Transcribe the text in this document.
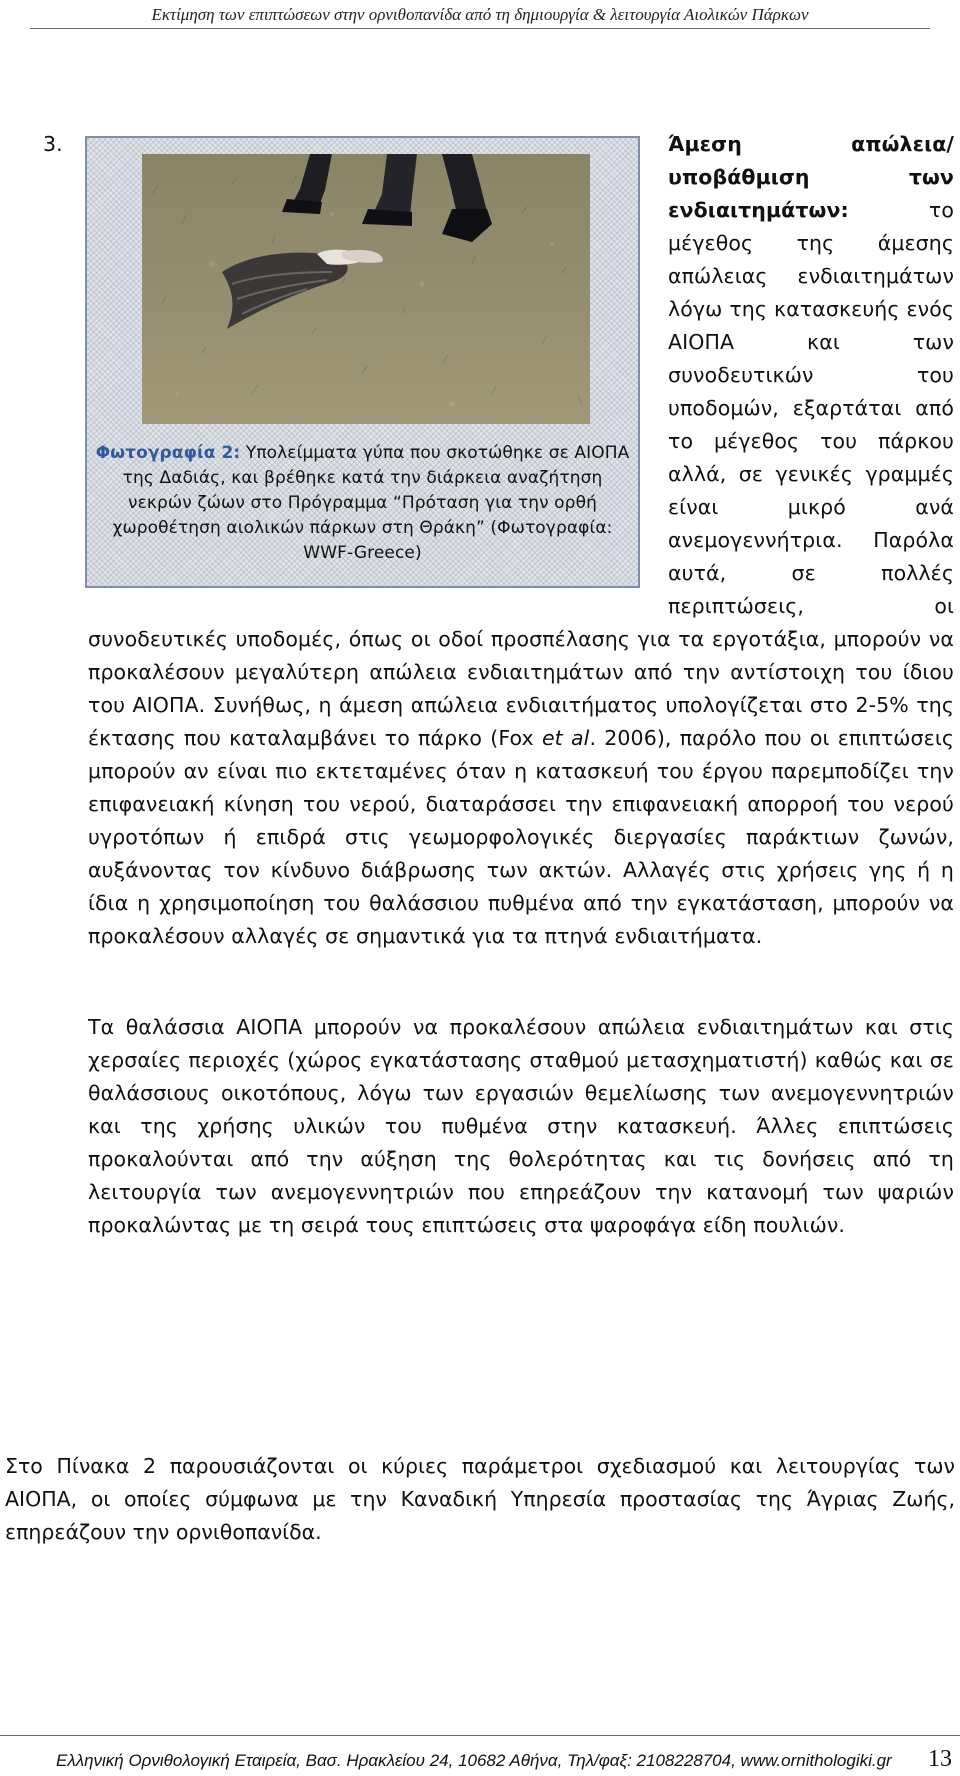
Εκτίμηση των επιπτώσεων στην ορνιθοπανίδα από τη δημιουργία & λειτουργία Αιολικών Πάρκων
3.
Φωτογραφία 2: Υπολείμματα γύπα που σκοτώθηκε σε ΑΙΟΠΑ της Δαδιάς, και βρέθηκε κατά την διάρκεια αναζήτηση νεκρών ζώων στο Πρόγραμμα “Πρόταση για την ορθή χωροθέτηση αιολικών πάρκων στη Θράκη” (Φωτογραφία: WWF-Greece)

Άμεση απώλεια/υποβάθμιση των ενδιαιτημάτων:	το μέγεθος της άμεσης απώλειας ενδιαιτημάτων λόγω της κατασκευής ενός ΑΙΟΠΑ και των συνοδευτικών του υποδομών, εξαρτάται από το μέγεθος του πάρκου αλλά, σε γενικές γραμμές είναι μικρό ανά ανεμογεννήτρια. Παρόλα αυτά, σε πολλές περιπτώσεις, οι συνοδευτικές υποδομές, όπως οι οδοί προσπέλασης για τα εργοτάξια, μπορούν να προκαλέσουν μεγαλύτερη απώλεια ενδιαιτημάτων από την αντίστοιχη του ίδιου του ΑΙΟΠΑ. Συνήθως, η άμεση απώλεια ενδιαιτήματος υπολογίζεται στο 2-5% της έκτασης που καταλαμβάνει το πάρκο (Fox et al. 2006), παρόλο που οι επιπτώσεις μπορούν αν είναι πιο εκτεταμένες όταν η κατασκευή του έργου παρεμποδίζει την επιφανειακή κίνηση του νερού, διαταράσσει την επιφανειακή απορροή του νερού υγροτόπων ή επιδρά στις γεωμορφολογικές διεργασίες παράκτιων ζωνών, αυξάνοντας τον κίνδυνο διάβρωσης των ακτών. Αλλαγές στις χρήσεις γης ή η ίδια η χρησιμοποίηση του θαλάσσιου πυθμένα από την εγκατάσταση, μπορούν να προκαλέσουν αλλαγές σε σημαντικά για τα πτηνά ενδιαιτήματα.

Τα θαλάσσια ΑΙΟΠΑ μπορούν να προκαλέσουν απώλεια ενδιαιτημάτων και στις χερσαίες περιοχές (χώρος εγκατάστασης σταθμού μετασχηματιστή) καθώς και σε θαλάσσιους οικοτόπους, λόγω των εργασιών θεμελίωσης των ανεμογεννητριών και της χρήσης υλικών του πυθμένα στην κατασκευή. Άλλες επιπτώσεις προκαλούνται από την αύξηση της θολερότητας και τις δονήσεις από τη λειτουργία των ανεμογεννητριών που επηρεάζουν την κατανομή των ψαριών προκαλώντας με τη σειρά τους επιπτώσεις στα ψαροφάγα είδη πουλιών.

Στο Πίνακα 2 παρουσιάζονται οι κύριες παράμετροι σχεδιασμού και λειτουργίας των ΑΙΟΠΑ, οι οποίες σύμφωνα με την Καναδική Υπηρεσία προστασίας της Άγριας Ζωής, επηρεάζουν την ορνιθοπανίδα.

Ελληνική Ορνιθολογική Εταιρεία, Βασ. Ηρακλείου 24, 10682 Αθήνα, Τηλ/φαξ: 2108228704, www.ornithologiki.gr 13
